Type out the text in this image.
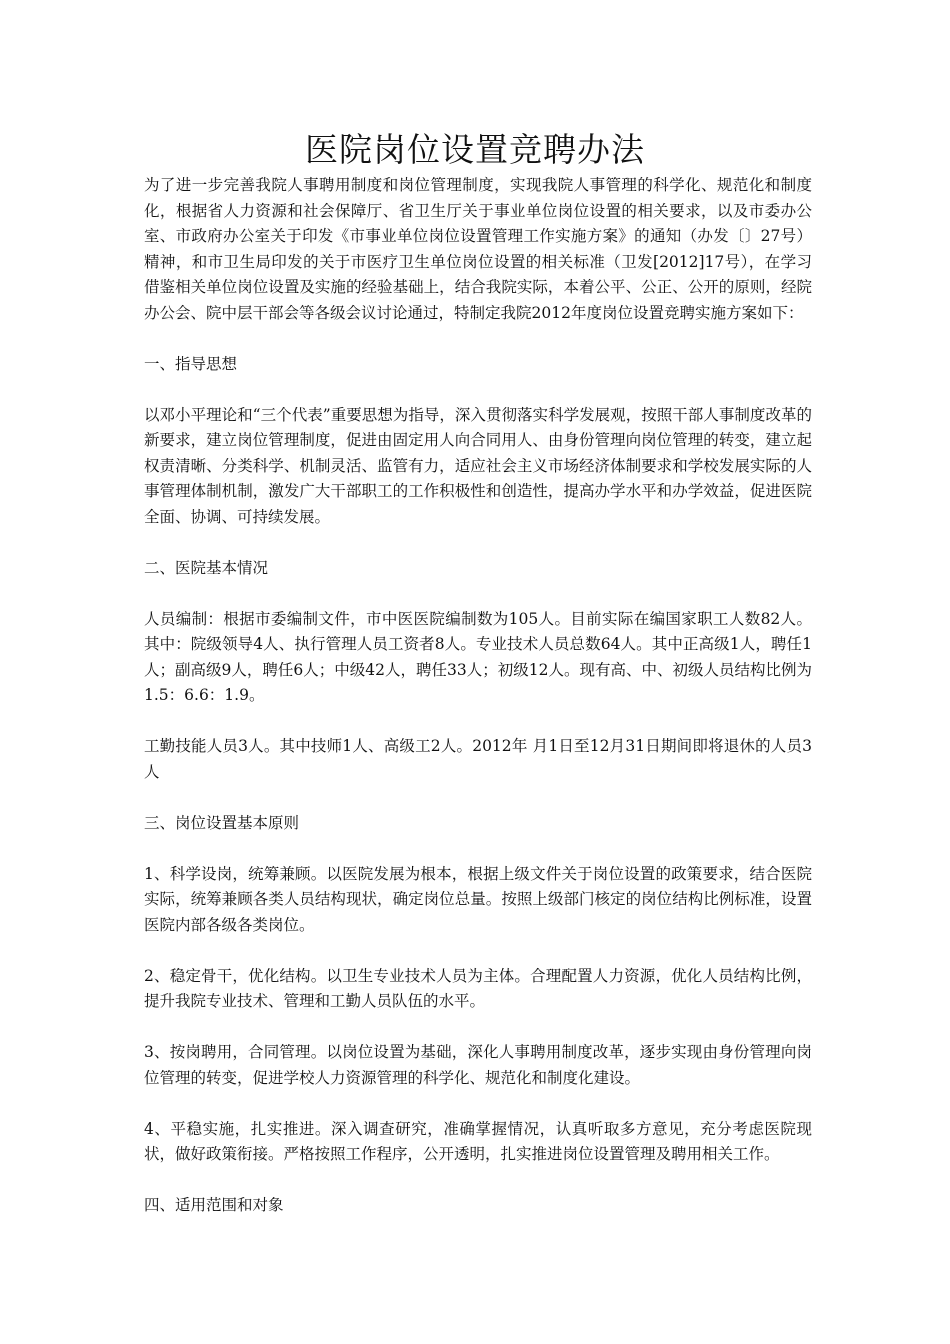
医院岗位设置竞聘办法

为了进一步完善我院人事聘用制度和岗位管理制度，实现我院人事管理的科学化、规范化和制度化，根据省人力资源和社会保障厅、省卫生厅关于事业单位岗位设置的相关要求，以及市委办公室、市政府办公室关于印发《市事业单位岗位设置管理工作实施方案》的通知（办发〔〕27号）精神，和市卫生局印发的关于市医疗卫生单位岗位设置的相关标准（卫发[2012]17号），在学习借鉴相关单位岗位设置及实施的经验基础上，结合我院实际，本着公平、公正、公开的原则，经院办公会、院中层干部会等各级会议讨论通过，特制定我院2012年度岗位设置竞聘实施方案如下：

一、指导思想

以邓小平理论和“三个代表”重要思想为指导，深入贯彻落实科学发展观，按照干部人事制度改革的新要求，建立岗位管理制度，促进由固定用人向合同用人、由身份管理向岗位管理的转变，建立起权责清晰、分类科学、机制灵活、监管有力，适应社会主义市场经济体制要求和学校发展实际的人事管理体制机制，激发广大干部职工的工作积极性和创造性，提高办学水平和办学效益，促进医院全面、协调、可持续发展。

二、医院基本情况

人员编制：根据市委编制文件，市中医医院编制数为105人。目前实际在编国家职工人数82人。其中：院级领导4人、执行管理人员工资者8人。专业技术人员总数64人。其中正高级1人，聘任1人；副高级9人，聘任6人；中级42人，聘任33人；初级12人。现有高、中、初级人员结构比例为1.5：6.6：1.9。

工勤技能人员3人。其中技师1人、高级工2人。2012年 月1日至12月31日期间即将退休的人员3人

三、岗位设置基本原则

1、科学设岗，统筹兼顾。以医院发展为根本，根据上级文件关于岗位设置的政策要求，结合医院实际，统筹兼顾各类人员结构现状，确定岗位总量。按照上级部门核定的岗位结构比例标准，设置医院内部各级各类岗位。

2、稳定骨干，优化结构。以卫生专业技术人员为主体。合理配置人力资源，优化人员结构比例，提升我院专业技术、管理和工勤人员队伍的水平。

3、按岗聘用，合同管理。以岗位设置为基础，深化人事聘用制度改革，逐步实现由身份管理向岗位管理的转变，促进学校人力资源管理的科学化、规范化和制度化建设。

4、平稳实施，扎实推进。深入调查研究，准确掌握情况，认真听取多方意见，充分考虑医院现状，做好政策衔接。严格按照工作程序，公开透明，扎实推进岗位设置管理及聘用相关工作。

四、适用范围和对象
